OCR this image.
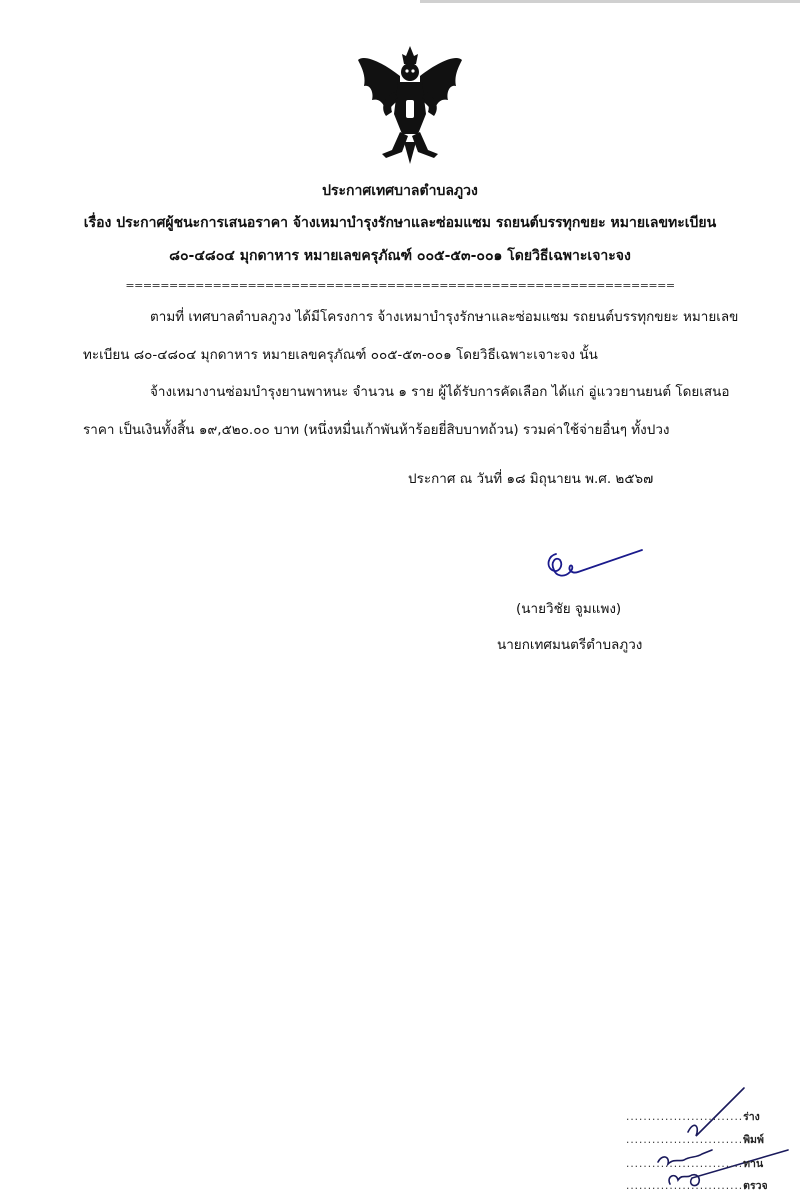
ประกาศเทศบาลตำบลภูวง
เรื่อง ประกาศผู้ชนะการเสนอราคา จ้างเหมาบำรุงรักษาและซ่อมแซม รถยนต์บรรทุกขยะ หมายเลขทะเบียน
๘๐-๔๘๐๔ มุกดาหาร หมายเลขครุภัณฑ์ ๐๐๕-๕๓-๐๐๑ โดยวิธีเฉพาะเจาะจง
===============================================================
ตามที่ เทศบาลตำบลภูวง ได้มีโครงการ จ้างเหมาบำรุงรักษาและซ่อมแซม รถยนต์บรรทุกขยะ หมายเลข
ทะเบียน ๘๐-๔๘๐๔ มุกดาหาร หมายเลขครุภัณฑ์ ๐๐๕-๕๓-๐๐๑ โดยวิธีเฉพาะเจาะจง นั้น
จ้างเหมางานซ่อมบำรุงยานพาหนะ จำนวน ๑ ราย ผู้ได้รับการคัดเลือก ได้แก่ อู่แววยานยนต์ โดยเสนอ
ราคา เป็นเงินทั้งสิ้น ๑๙,๕๒๐.๐๐ บาท (หนึ่งหมื่นเก้าพันห้าร้อยยี่สิบบาทถ้วน) รวมค่าใช้จ่ายอื่นๆ ทั้งปวง
ประกาศ ณ วันที่ ๑๘ มิถุนายน พ.ศ. ๒๕๖๗
(นายวิชัย จูมแพง)
นายกเทศมนตรีตำบลภูวง
...........................ร่าง
...........................พิมพ์
...........................ทาน
...........................ตรวจ
